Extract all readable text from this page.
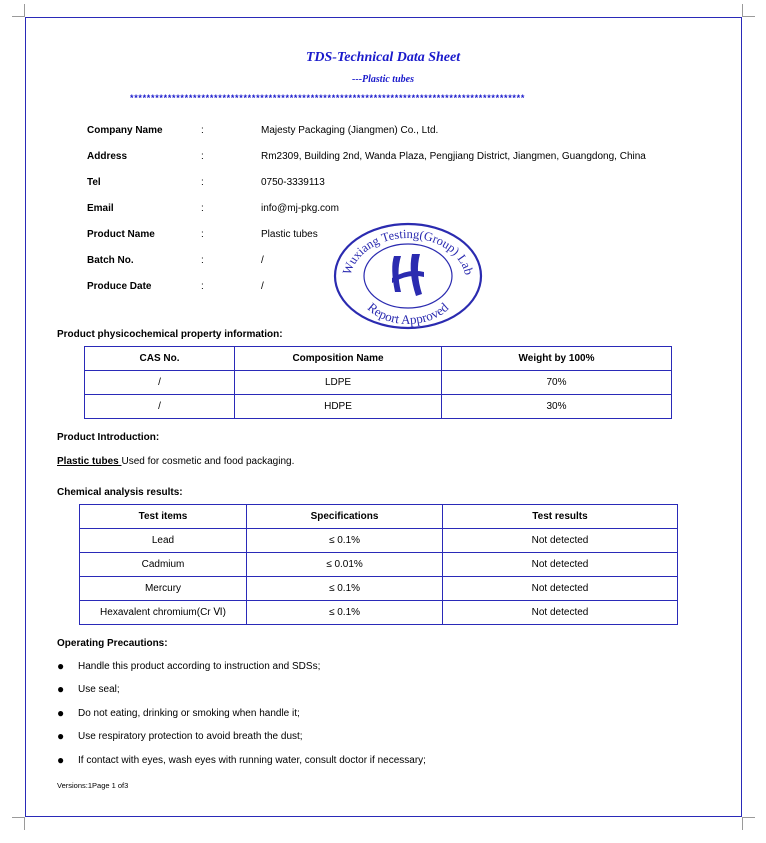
TDS-Technical Data Sheet
---Plastic tubes
**********************************************************************************************
Company Name	:	Majesty Packaging (Jiangmen) Co., Ltd.
Address	:	Rm2309, Building 2nd, Wanda Plaza, Pengjiang District, Jiangmen, Guangdong, China
Tel	:	0750-3339113
Email	:	info@mj-pkg.com
Product Name	:	Plastic tubes
Batch No.	:	/
Produce Date	:	/
Wuxiang Testing(Group) Lab
Report Approved
Product physicochemical property information:
CAS No.	Composition Name	Weight by 100%
/	LDPE	70%
/	HDPE	30%
Product Introduction:
Plastic tubes Used for cosmetic and food packaging.
Chemical analysis results:
Test items	Specifications	Test results
Lead	≤ 0.1%	Not detected
Cadmium	≤ 0.01%	Not detected
Mercury	≤ 0.1%	Not detected
Hexavalent chromium(Cr Ⅵ)	≤ 0.1%	Not detected
Operating Precautions:
● Handle this product according to instruction and SDSs;
● Use seal;
● Do not eating, drinking or smoking when handle it;
● Use respiratory protection to avoid breath the dust;
● If contact with eyes, wash eyes with running water, consult doctor if necessary;
Versions:1Page 1 of3
